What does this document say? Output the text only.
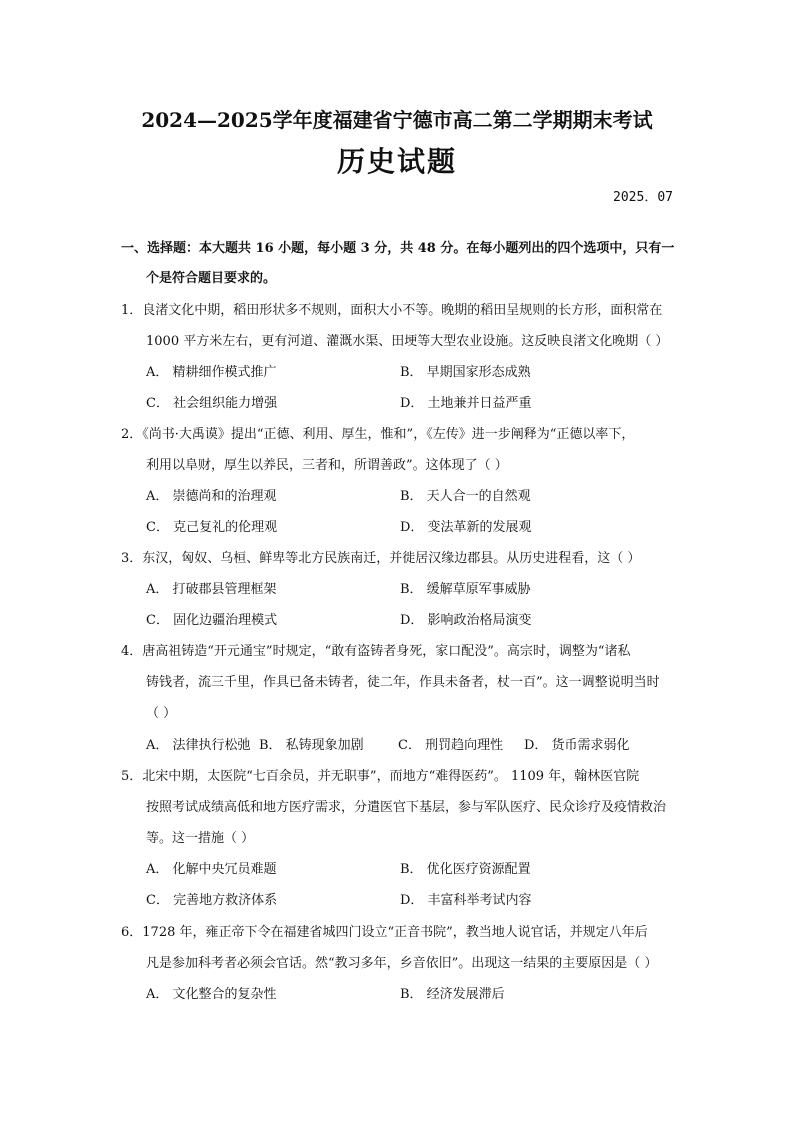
2024—2025学年度福建省宁德市高二第二学期期末考试
历史试题
2025．07
一、选择题：本大题共 16 小题，每小题 3 分，共 48 分。在每小题列出的四个选项中，只有一
个是符合题目要求的。
1．良渚文化中期，稻田形状多不规则，面积大小不等。晚期的稻田呈规则的长方形，面积常在
1000 平方米左右，更有河道、灌溉水渠、田埂等大型农业设施。这反映良渚文化晚期（ ）
A． 精耕细作模式推广	B． 早期国家形态成熟
C． 社会组织能力增强	D． 土地兼并日益严重
2．《尚书·大禹谟》提出“正德、利用、厚生，惟和”，《左传》进一步阐释为“正德以率下，
利用以阜财，厚生以养民，三者和，所谓善政”。这体现了（ ）
A． 崇德尚和的治理观	B． 天人合一的自然观
C． 克己复礼的伦理观	D． 变法革新的发展观
3．东汉，匈奴、乌桓、鲜卑等北方民族南迁，并徙居汉缘边郡县。从历史进程看，这（ ）
A． 打破郡县管理框架	B． 缓解草原军事威胁
C． 固化边疆治理模式	D． 影响政治格局演变
4．唐高祖铸造“开元通宝”时规定，“敢有盗铸者身死，家口配没”。高宗时，调整为“诸私
铸钱者，流三千里，作具已备未铸者，徒二年，作具未备者，杖一百”。这一调整说明当时
（ ）
A． 法律执行松弛 B． 私铸现象加剧	C． 刑罚趋向理性 D． 货币需求弱化
5．北宋中期，太医院“七百余员，并无职事”，而地方“难得医药”。 1109 年，翰林医官院
按照考试成绩高低和地方医疗需求，分遣医官下基层，参与军队医疗、民众诊疗及疫情救治
等。这一措施（ ）
A． 化解中央冗员难题	B． 优化医疗资源配置
C． 完善地方救济体系	D． 丰富科举考试内容
6．1728 年，雍正帝下令在福建省城四门设立“正音书院”，教当地人说官话，并规定八年后
凡是参加科考者必须会官话。然“教习多年，乡音依旧”。出现这一结果的主要原因是（ ）
A． 文化整合的复杂性	B． 经济发展滞后
